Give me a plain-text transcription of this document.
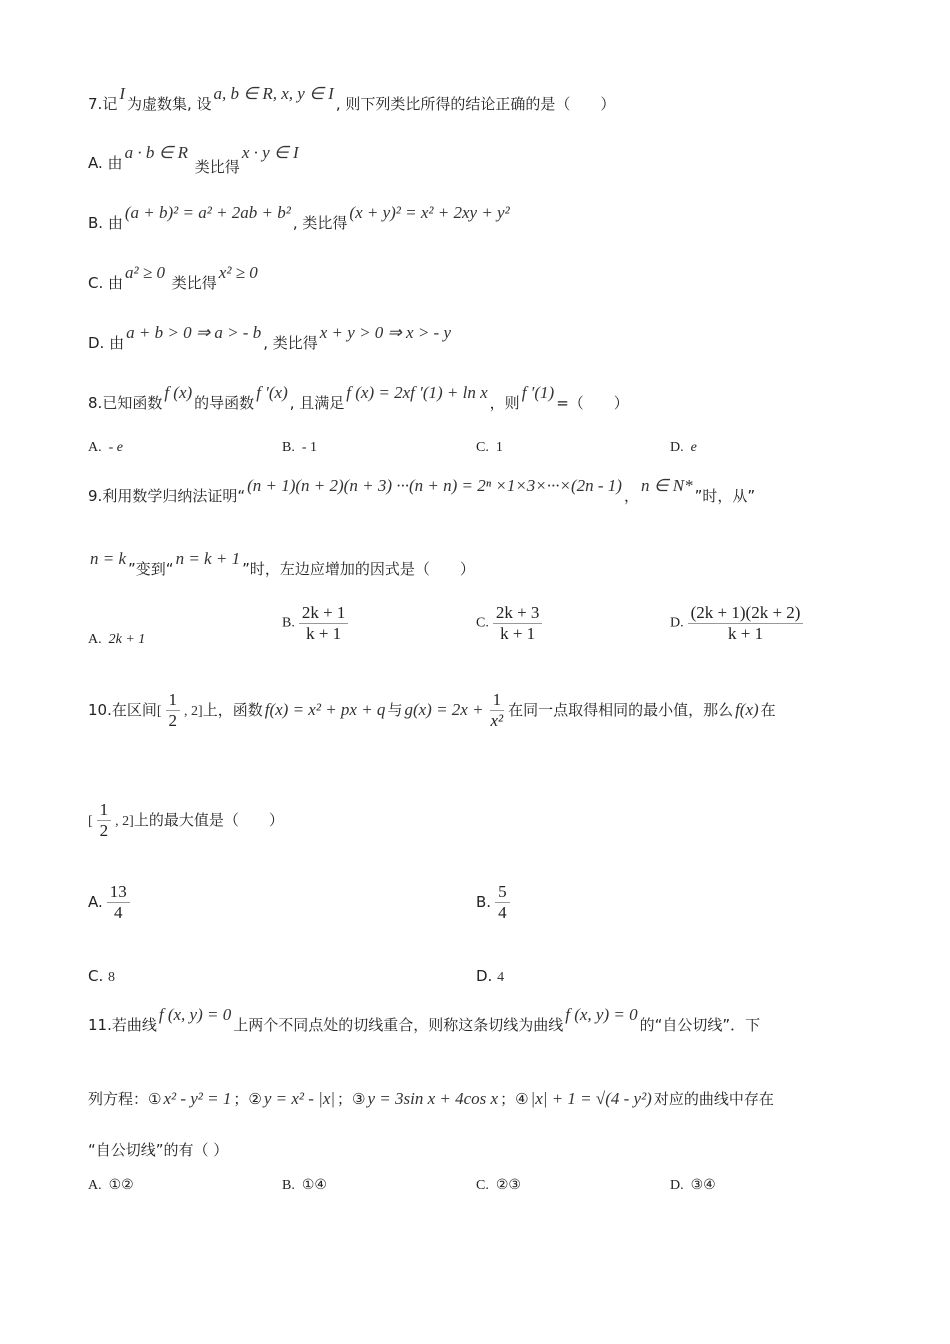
7.记I为虚数集, 设a, b ∈ R, x, y ∈ I, 则下列类比所得的结论正确的是（　　）
A. 由a · b ∈ R 类比得x · y ∈ I
B. 由(a + b)² = a² + 2ab + b², 类比得(x + y)² = x² + 2xy + y²
C. 由a² ≥ 0 类比得x² ≥ 0
D. 由a + b > 0 ⇒ a > - b, 类比得x + y > 0 ⇒ x > - y
8.已知函数f (x)的导函数f ′(x), 且满足f (x) = 2xf ′(1) + ln x，则f ′(1)=（　　）
A. - e	B. - 1	C. 1	D. e
9.利用数学归纳法证明“(n + 1)(n + 2)(n + 3) ···(n + n) = 2ⁿ ×1×3×···×(2n - 1)，n ∈ N*”时，从”
n = k”变到“n = k + 1”时，左边应增加的因式是（　　）
A. 2k + 1
B. $\frac{2k + 1}{k + 1}$	C. $\frac{2k + 3}{k + 1}$	D. $\frac{(2k + 1)(2k + 2)}{k + 1}$
10.在区间[ $\frac{1}{2}$ , 2]上，函数 f(x) = x² + px + q 与 $g(x) = 2x + \frac{1}{\text{x²}}$ 在同一点取得相同的最小值，那么 f(x) 在
[ $\frac{1}{2}$ , 2]上的最大值是（　　）
A. $\frac{13}{4}$	B. $\frac{5}{4}$
C. 8	D. 4
11.若曲线f (x, y) = 0上两个不同点处的切线重合，则称这条切线为曲线f (x, y) = 0的“自公切线”．下
列方程：① x² - y² = 1 ；② y = x² - |x| ；③ y = 3sin x + 4cos x ；④ |x| + 1 = √(4 - y²) 对应的曲线中存在
“自公切线”的有（ ）
A. ①②	B. ①④	C. ②③	D. ③④
